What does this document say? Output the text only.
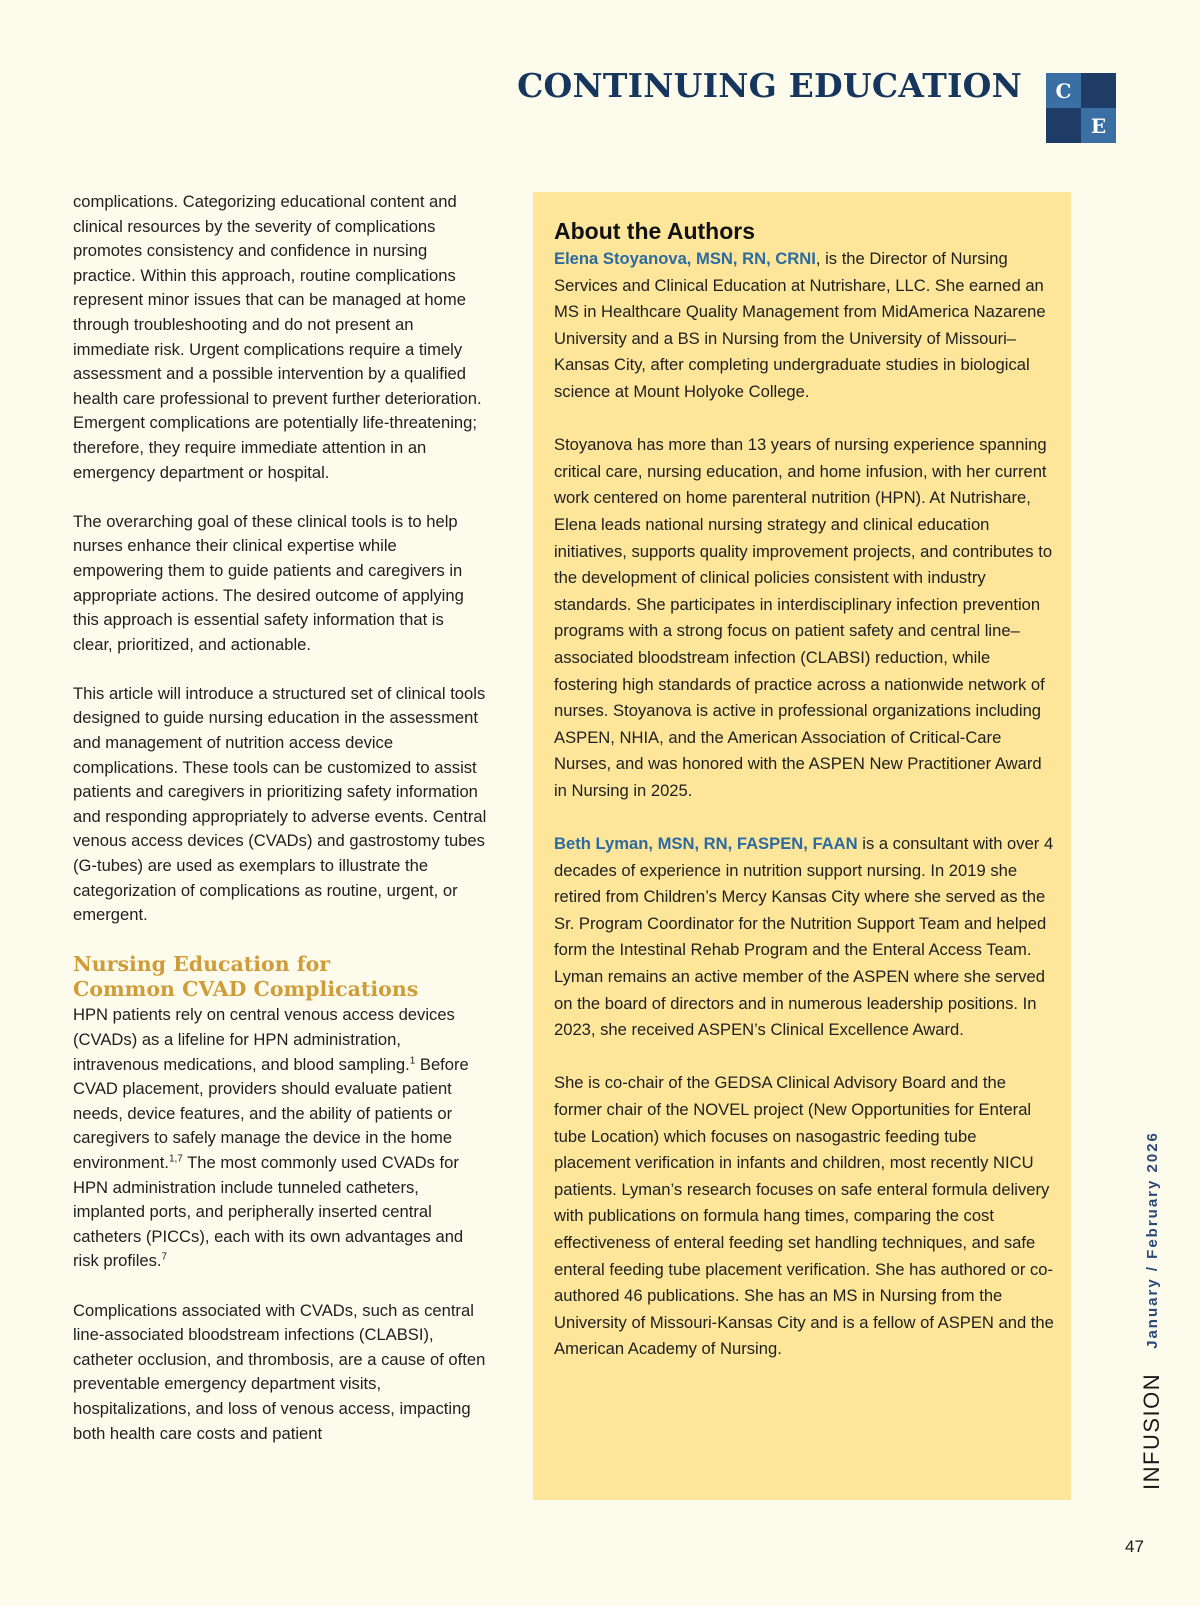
CONTINUING EDUCATION	C
E

complications. Categorizing educational content and clinical resources by the severity of complications promotes consistency and confidence in nursing practice. Within this approach, routine complications represent minor issues that can be managed at home through troubleshooting and do not present an immediate risk. Urgent complications require a timely assessment and a possible intervention by a qualified health care professional to prevent further deterioration. Emergent complications are potentially life-threatening; therefore, they require immediate attention in an emergency department or hospital.

The overarching goal of these clinical tools is to help nurses enhance their clinical expertise while empowering them to guide patients and caregivers in appropriate actions. The desired outcome of applying this approach is essential safety information that is clear, prioritized, and actionable.

This article will introduce a structured set of clinical tools designed to guide nursing education in the assessment and management of nutrition access device complications. These tools can be customized to assist patients and caregivers in prioritizing safety information and responding appropriately to adverse events. Central venous access devices (CVADs) and gastrostomy tubes (G-tubes) are used as exemplars to illustrate the categorization of complications as routine, urgent, or emergent.

Nursing Education for
Common CVAD Complications

HPN patients rely on central venous access devices (CVADs) as a lifeline for HPN administration, intravenous medications, and blood sampling.$^1$ Before CVAD placement, providers should evaluate patient needs, device features, and the ability of patients or caregivers to safely manage the device in the home environment.$^{1,7}$ The most commonly used CVADs for HPN administration include tunneled catheters, implanted ports, and peripherally inserted central catheters (PICCs), each with its own advantages and risk profiles.$^7$

Complications associated with CVADs, such as central line-associated bloodstream infections (CLABSI), catheter occlusion, and thrombosis, are a cause of often preventable emergency department visits, hospitalizations, and loss of venous access, impacting both health care costs and patient

About the Authors

Elena Stoyanova, MSN, RN, CRNI, is the Director of Nursing Services and Clinical Education at Nutrishare, LLC. She earned an MS in Healthcare Quality Management from MidAmerica Nazarene University and a BS in Nursing from the University of Missouri–Kansas City, after completing undergraduate studies in biological science at Mount Holyoke College.

Stoyanova has more than 13 years of nursing experience spanning critical care, nursing education, and home infusion, with her current work centered on home parenteral nutrition (HPN). At Nutrishare, Elena leads national nursing strategy and clinical education initiatives, supports quality improvement projects, and contributes to the development of clinical policies consistent with industry standards. She participates in interdisciplinary infection prevention programs with a strong focus on patient safety and central line–associated bloodstream infection (CLABSI) reduction, while fostering high standards of practice across a nationwide network of nurses. Stoyanova is active in professional organizations including ASPEN, NHIA, and the American Association of Critical-Care Nurses, and was honored with the ASPEN New Practitioner Award in Nursing in 2025.

Beth Lyman, MSN, RN, FASPEN, FAAN is a consultant with over 4 decades of experience in nutrition support nursing. In 2019 she retired from Children’s Mercy Kansas City where she served as the Sr. Program Coordinator for the Nutrition Support Team and helped form the Intestinal Rehab Program and the Enteral Access Team. Lyman remains an active member of the ASPEN where she served on the board of directors and in numerous leadership positions. In 2023, she received ASPEN’s Clinical Excellence Award.

She is co-chair of the GEDSA Clinical Advisory Board and the former chair of the NOVEL project (New Opportunities for Enteral tube Location) which focuses on nasogastric feeding tube placement verification in infants and children, most recently NICU patients. Lyman’s research focuses on safe enteral formula delivery with publications on formula hang times, comparing the cost effectiveness of enteral feeding set handling techniques, and safe enteral feeding tube placement verification. She has authored or co-authored 46 publications. She has an MS in Nursing from the University of Missouri-Kansas City and is a fellow of ASPEN and the American Academy of Nursing.

INFUSION
January / February 2026
47
